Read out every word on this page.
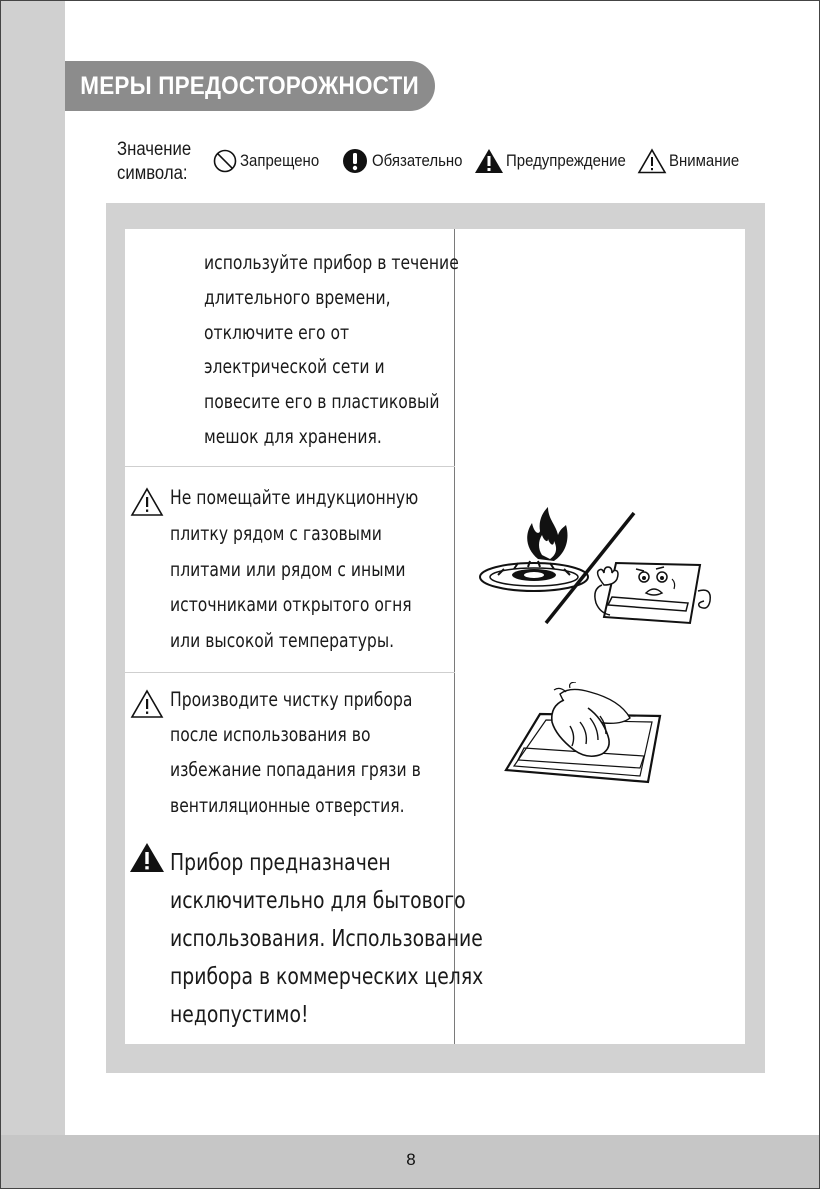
8
МЕРЫ ПРЕДОСТОРОЖНОСТИ
Значение
символа:
Запрещено	Обязательно	Предупреждение	Внимание
используйте прибор в течение
длительного времени,
отключите его от
электрической сети и
повесите его в пластиковый
мешок для хранения.
Не помещайте индукционную
плитку рядом с газовыми
плитами или рядом с иными
источниками открытого огня
или высокой температуры.
Производите чистку прибора
после использования во
избежание попадания грязи в
вентиляционные отверстия.
Прибор предназначен
исключительно для бытового
использования. Использование
прибора в коммерческих целях
недопустимо!
